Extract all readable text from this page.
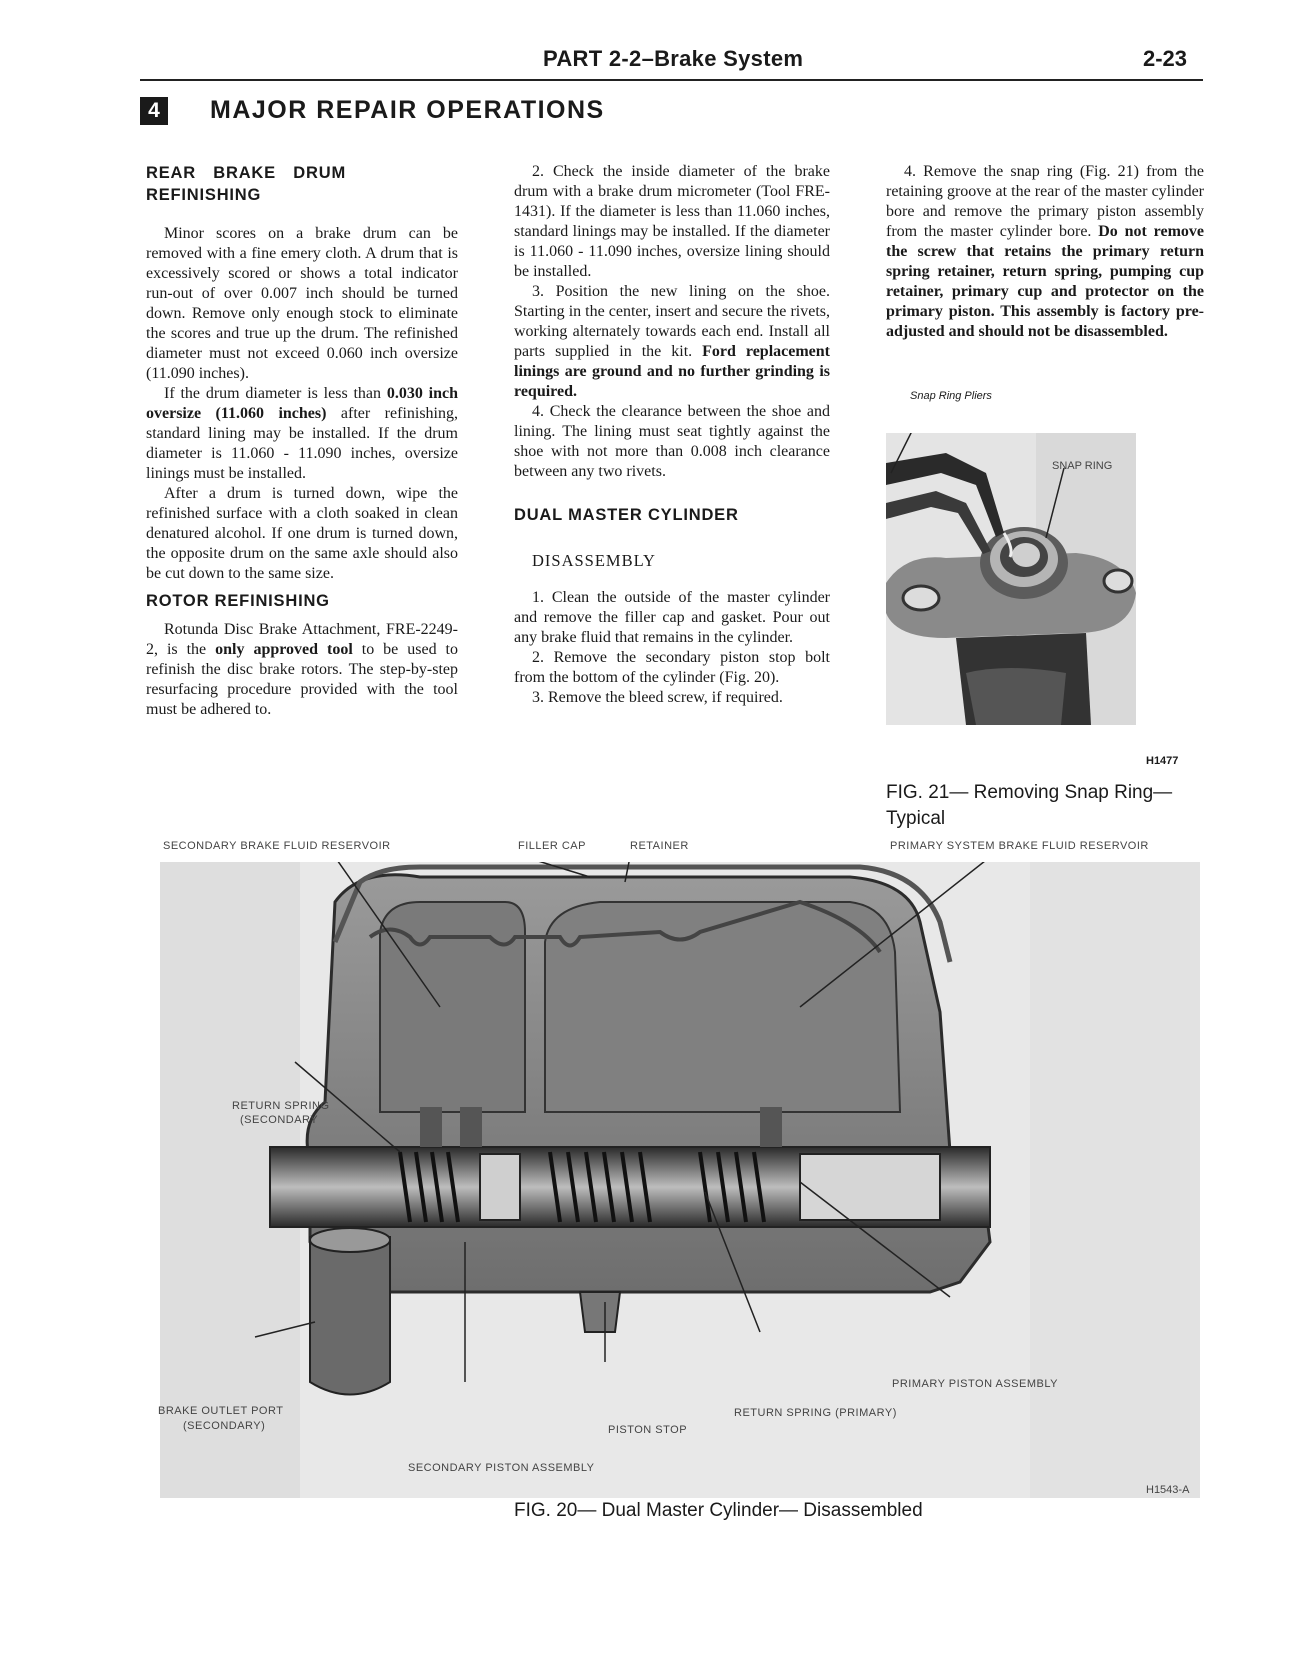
PART 2-2–Brake System	2-23
4	MAJOR REPAIR OPERATIONS
REAR BRAKE DRUM REFINISHING

Minor scores on a brake drum can be removed with a fine emery cloth. A drum that is excessively scored or shows a total indicator run-out of over 0.007 inch should be turned down. Remove only enough stock to eliminate the scores and true up the drum. The refinished diameter must not exceed 0.060 inch oversize (11.090 inches).

If the drum diameter is less than 0.030 inch oversize (11.060 inches) after refinishing, standard lining may be installed. If the drum diameter is 11.060 - 11.090 inches, oversize linings must be installed.

After a drum is turned down, wipe the refinished surface with a cloth soaked in clean denatured alcohol. If one drum is turned down, the opposite drum on the same axle should also be cut down to the same size.

ROTOR REFINISHING

Rotunda Disc Brake Attachment, FRE-2249-2, is the only approved tool to be used to refinish the disc brake rotors. The step-by-step resurfacing procedure provided with the tool must be adhered to.

2. Check the inside diameter of the brake drum with a brake drum micrometer (Tool FRE-1431). If the diameter is less than 11.060 inches, standard linings may be installed. If the diameter is 11.060 - 11.090 inches, oversize lining should be installed.

3. Position the new lining on the shoe. Starting in the center, insert and secure the rivets, working alternately towards each end. Install all parts supplied in the kit. Ford replacement linings are ground and no further grinding is required.

4. Check the clearance between the shoe and lining. The lining must seat tightly against the shoe with not more than 0.008 inch clearance between any two rivets.

DUAL MASTER CYLINDER
DISASSEMBLY

1. Clean the outside of the master cylinder and remove the filler cap and gasket. Pour out any brake fluid that remains in the cylinder.

2. Remove the secondary piston stop bolt from the bottom of the cylinder (Fig. 20).

3. Remove the bleed screw, if required.

4. Remove the snap ring (Fig. 21) from the retaining groove at the rear of the master cylinder bore and remove the primary piston assembly from the master cylinder bore. Do not remove the screw that retains the primary return spring retainer, return spring, pumping cup retainer, primary cup and protector on the primary piston. This assembly is factory pre-adjusted and should not be disassembled.

Snap Ring Pliers
SNAP RING
H1477
FIG. 21— Removing Snap Ring— Typical
SECONDARY BRAKE FLUID RESERVOIR	FILLER CAP	RETAINER	PRIMARY SYSTEM BRAKE FLUID RESERVOIR
RETURN SPRING
(SECONDARY
BRAKE OUTLET PORT
(SECONDARY)
PRIMARY PISTON ASSEMBLY
RETURN SPRING (PRIMARY)
PISTON STOP
SECONDARY PISTON ASSEMBLY
H1543-A
FIG. 20— Dual Master Cylinder— Disassembled
